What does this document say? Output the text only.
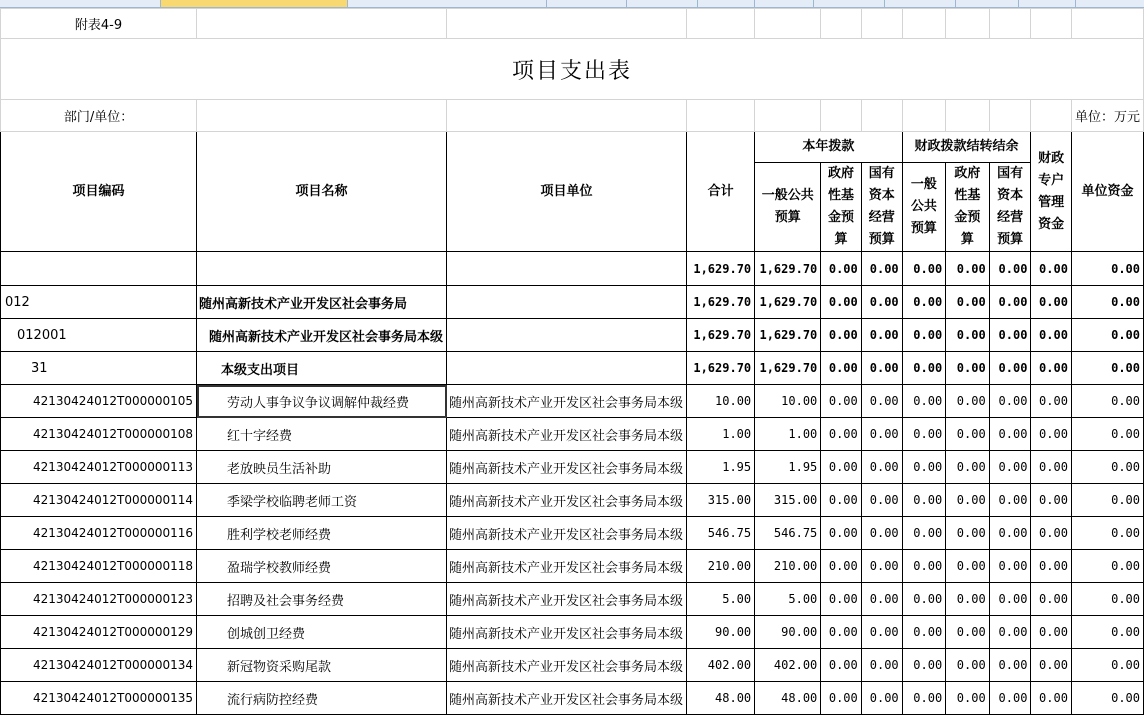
附表4-9											
项目支出表											
部门/单位：											单位：万元
项目编码	项目名称	项目单位	合计	本年拨款			财政拨款结转结余			财政专户管理资金	单位资金
				一般公共预算	政府性基金预算	国有资本经营预算	一般公共预算	政府性基金预算	国有资本经营预算		
			1,629.70	1,629.70	0.00	0.00	0.00	0.00	0.00	0.00	0.00
012	随州高新技术产业开发区社会事务局		1,629.70	1,629.70	0.00	0.00	0.00	0.00	0.00	0.00	0.00
012001	随州高新技术产业开发区社会事务局本级		1,629.70	1,629.70	0.00	0.00	0.00	0.00	0.00	0.00	0.00
31	本级支出项目		1,629.70	1,629.70	0.00	0.00	0.00	0.00	0.00	0.00	0.00
42130424012T000000105	劳动人事争议争议调解仲裁经费	随州高新技术产业开发区社会事务局本级	10.00	10.00	0.00	0.00	0.00	0.00	0.00	0.00	0.00
42130424012T000000108	红十字经费	随州高新技术产业开发区社会事务局本级	1.00	1.00	0.00	0.00	0.00	0.00	0.00	0.00	0.00
42130424012T000000113	老放映员生活补助	随州高新技术产业开发区社会事务局本级	1.95	1.95	0.00	0.00	0.00	0.00	0.00	0.00	0.00
42130424012T000000114	季梁学校临聘老师工资	随州高新技术产业开发区社会事务局本级	315.00	315.00	0.00	0.00	0.00	0.00	0.00	0.00	0.00
42130424012T000000116	胜利学校老师经费	随州高新技术产业开发区社会事务局本级	546.75	546.75	0.00	0.00	0.00	0.00	0.00	0.00	0.00
42130424012T000000118	盈瑞学校教师经费	随州高新技术产业开发区社会事务局本级	210.00	210.00	0.00	0.00	0.00	0.00	0.00	0.00	0.00
42130424012T000000123	招聘及社会事务经费	随州高新技术产业开发区社会事务局本级	5.00	5.00	0.00	0.00	0.00	0.00	0.00	0.00	0.00
42130424012T000000129	创城创卫经费	随州高新技术产业开发区社会事务局本级	90.00	90.00	0.00	0.00	0.00	0.00	0.00	0.00	0.00
42130424012T000000134	新冠物资采购尾款	随州高新技术产业开发区社会事务局本级	402.00	402.00	0.00	0.00	0.00	0.00	0.00	0.00	0.00
42130424012T000000135	流行病防控经费	随州高新技术产业开发区社会事务局本级	48.00	48.00	0.00	0.00	0.00	0.00	0.00	0.00	0.00
